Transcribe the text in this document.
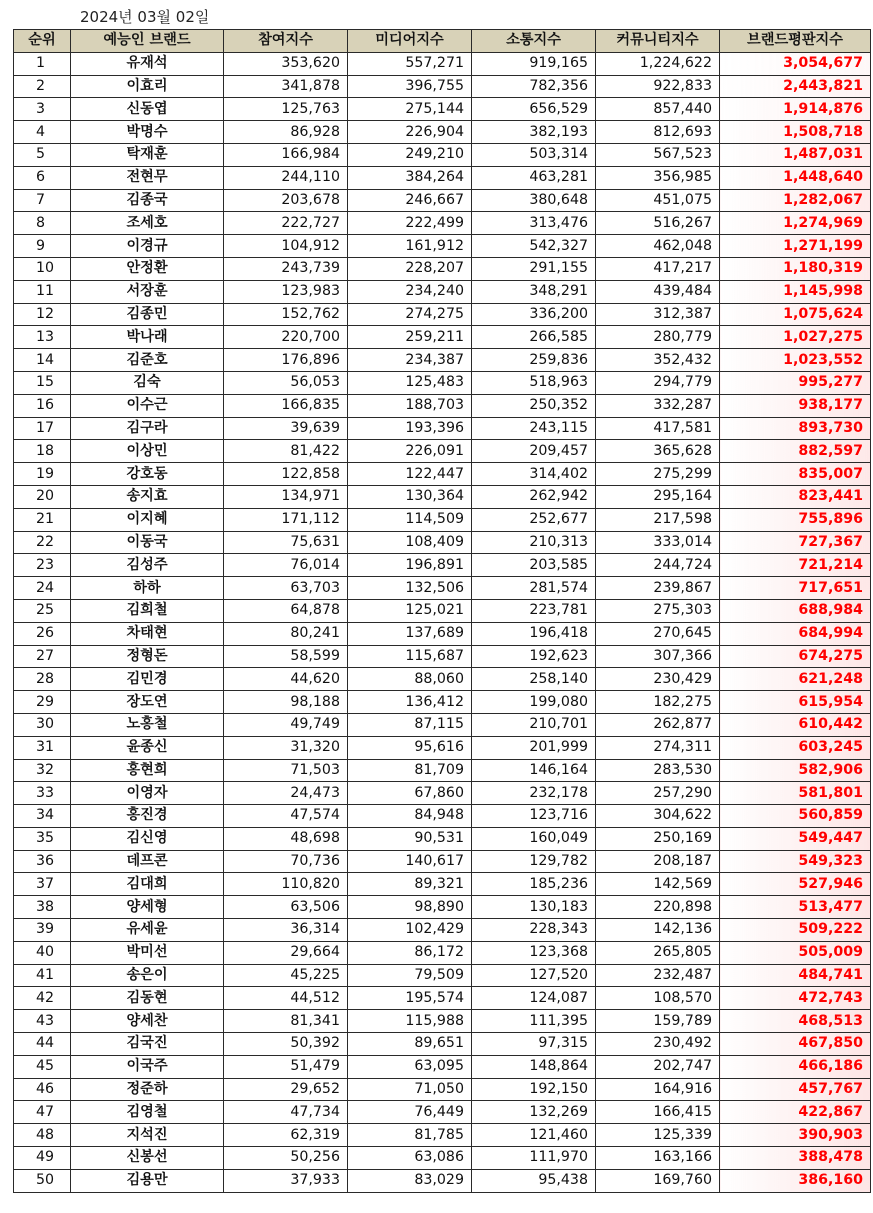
2024년 03월 02일
순위	예능인 브랜드	참여지수	미디어지수	소통지수	커뮤니티지수	브랜드평판지수
1	유재석	353,620	557,271	919,165	1,224,622	3,054,677
2	이효리	341,878	396,755	782,356	922,833	2,443,821
3	신동엽	125,763	275,144	656,529	857,440	1,914,876
4	박명수	86,928	226,904	382,193	812,693	1,508,718
5	탁재훈	166,984	249,210	503,314	567,523	1,487,031
6	전현무	244,110	384,264	463,281	356,985	1,448,640
7	김종국	203,678	246,667	380,648	451,075	1,282,067
8	조세호	222,727	222,499	313,476	516,267	1,274,969
9	이경규	104,912	161,912	542,327	462,048	1,271,199
10	안정환	243,739	228,207	291,155	417,217	1,180,319
11	서장훈	123,983	234,240	348,291	439,484	1,145,998
12	김종민	152,762	274,275	336,200	312,387	1,075,624
13	박나래	220,700	259,211	266,585	280,779	1,027,275
14	김준호	176,896	234,387	259,836	352,432	1,023,552
15	김숙	56,053	125,483	518,963	294,779	995,277
16	이수근	166,835	188,703	250,352	332,287	938,177
17	김구라	39,639	193,396	243,115	417,581	893,730
18	이상민	81,422	226,091	209,457	365,628	882,597
19	강호동	122,858	122,447	314,402	275,299	835,007
20	송지효	134,971	130,364	262,942	295,164	823,441
21	이지혜	171,112	114,509	252,677	217,598	755,896
22	이동국	75,631	108,409	210,313	333,014	727,367
23	김성주	76,014	196,891	203,585	244,724	721,214
24	하하	63,703	132,506	281,574	239,867	717,651
25	김희철	64,878	125,021	223,781	275,303	688,984
26	차태현	80,241	137,689	196,418	270,645	684,994
27	정형돈	58,599	115,687	192,623	307,366	674,275
28	김민경	44,620	88,060	258,140	230,429	621,248
29	장도연	98,188	136,412	199,080	182,275	615,954
30	노홍철	49,749	87,115	210,701	262,877	610,442
31	윤종신	31,320	95,616	201,999	274,311	603,245
32	홍현희	71,503	81,709	146,164	283,530	582,906
33	이영자	24,473	67,860	232,178	257,290	581,801
34	홍진경	47,574	84,948	123,716	304,622	560,859
35	김신영	48,698	90,531	160,049	250,169	549,447
36	데프콘	70,736	140,617	129,782	208,187	549,323
37	김대희	110,820	89,321	185,236	142,569	527,946
38	양세형	63,506	98,890	130,183	220,898	513,477
39	유세윤	36,314	102,429	228,343	142,136	509,222
40	박미선	29,664	86,172	123,368	265,805	505,009
41	송은이	45,225	79,509	127,520	232,487	484,741
42	김동현	44,512	195,574	124,087	108,570	472,743
43	양세찬	81,341	115,988	111,395	159,789	468,513
44	김국진	50,392	89,651	97,315	230,492	467,850
45	이국주	51,479	63,095	148,864	202,747	466,186
46	정준하	29,652	71,050	192,150	164,916	457,767
47	김영철	47,734	76,449	132,269	166,415	422,867
48	지석진	62,319	81,785	121,460	125,339	390,903
49	신봉선	50,256	63,086	111,970	163,166	388,478
50	김용만	37,933	83,029	95,438	169,760	386,160
